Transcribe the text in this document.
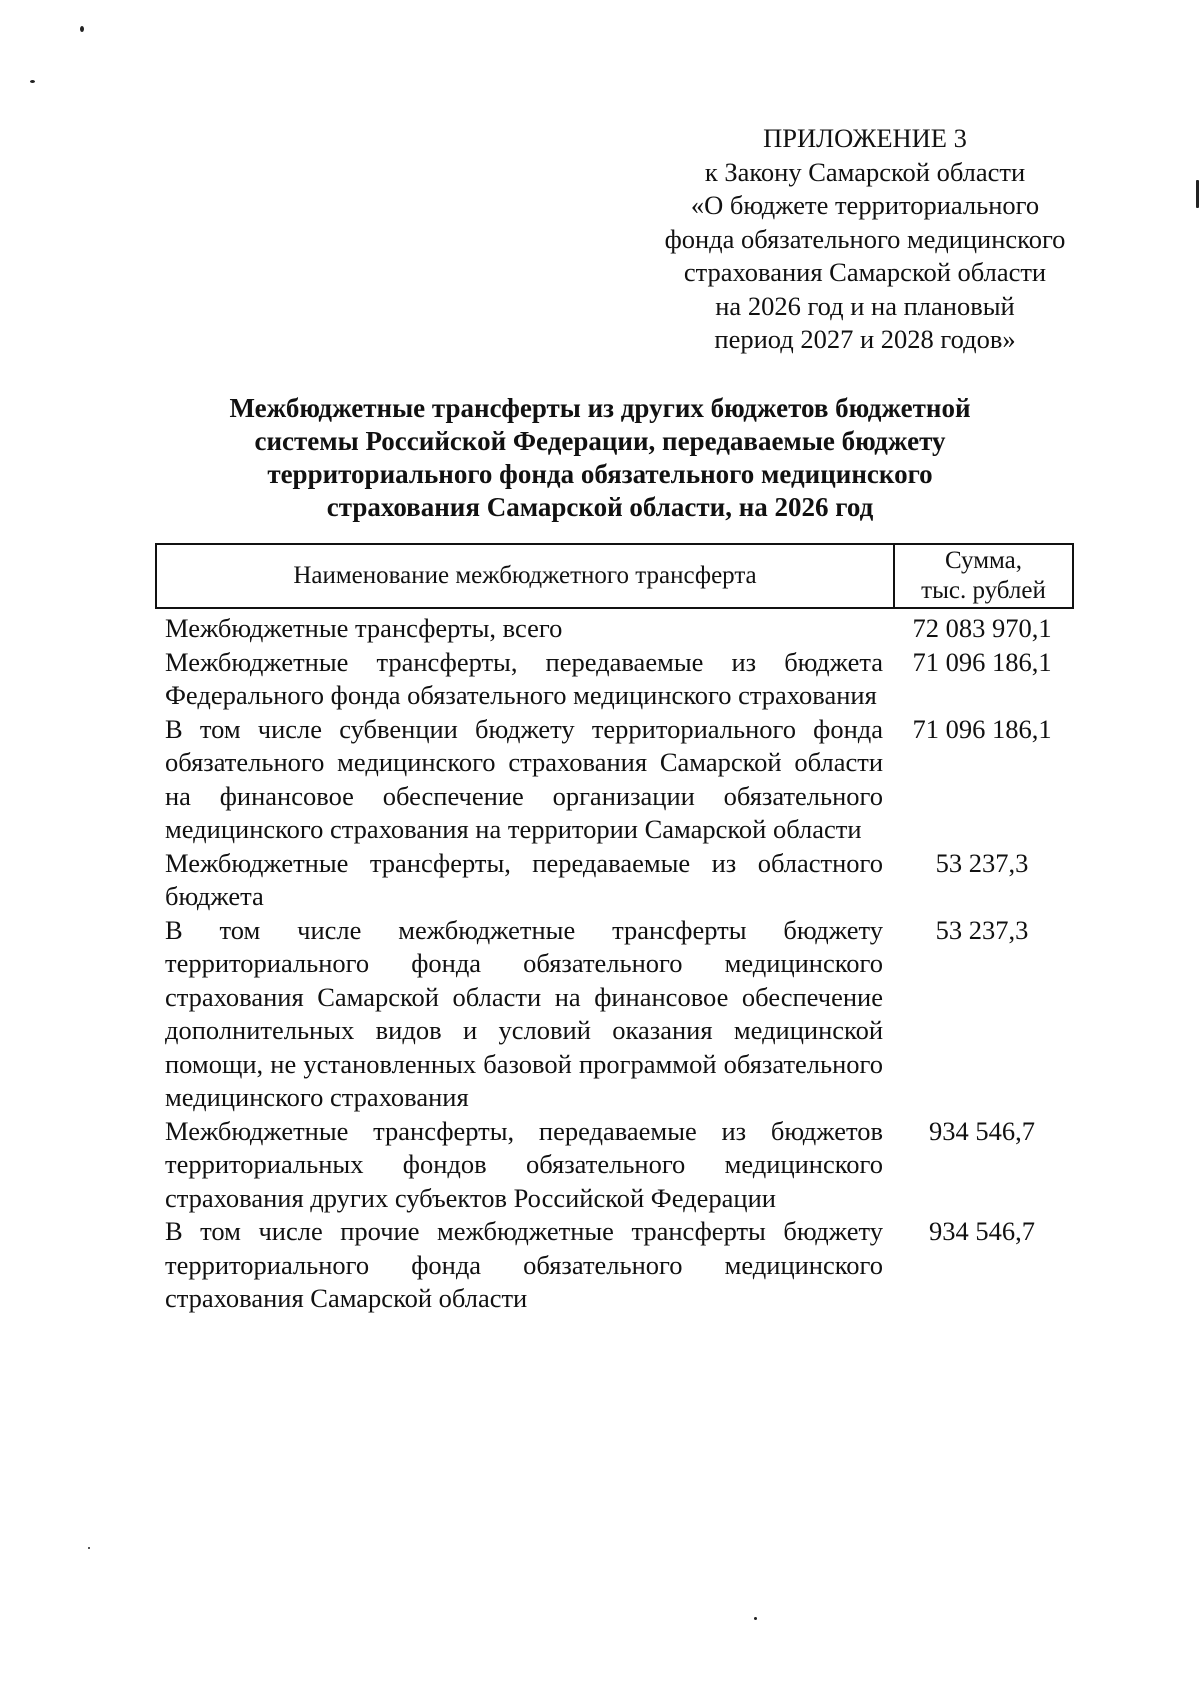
ПРИЛОЖЕНИЕ 3
к Закону Самарской области
«О бюджете территориального
фонда обязательного медицинского
страхования Самарской области
на 2026 год и на плановый
период 2027 и 2028 годов»
Межбюджетные трансферты из других бюджетов бюджетной
системы Российской Федерации, передаваемые бюджету
территориального фонда обязательного медицинского
страхования Самарской области, на 2026 год
Наименование межбюджетного трансферта
Сумма,
тыс. рублей
Межбюджетные трансферты, всего	72 083 970,1
Межбюджетные трансферты, передаваемые из бюджета Федерального фонда обязательного медицинского страхования
71 096 186,1
В том числе субвенции бюджету территориального фонда обязательного медицинского страхования Самарской области на финансовое обеспечение организации обязательного медицинского страхования на территории Самарской области
71 096 186,1
Межбюджетные трансферты, передаваемые из областного бюджета
53 237,3
В том числе межбюджетные трансферты бюджету территориального фонда обязательного медицинского страхования Самарской области на финансовое обеспечение дополнительных видов и условий оказания медицинской помощи, не установленных базовой программой обязательного медицинского страхования
53 237,3
Межбюджетные трансферты, передаваемые из бюджетов территориальных фондов обязательного медицинского страхования других субъектов Российской Федерации
934 546,7
В том числе прочие межбюджетные трансферты бюджету территориального фонда обязательного медицинского страхования Самарской области
934 546,7
